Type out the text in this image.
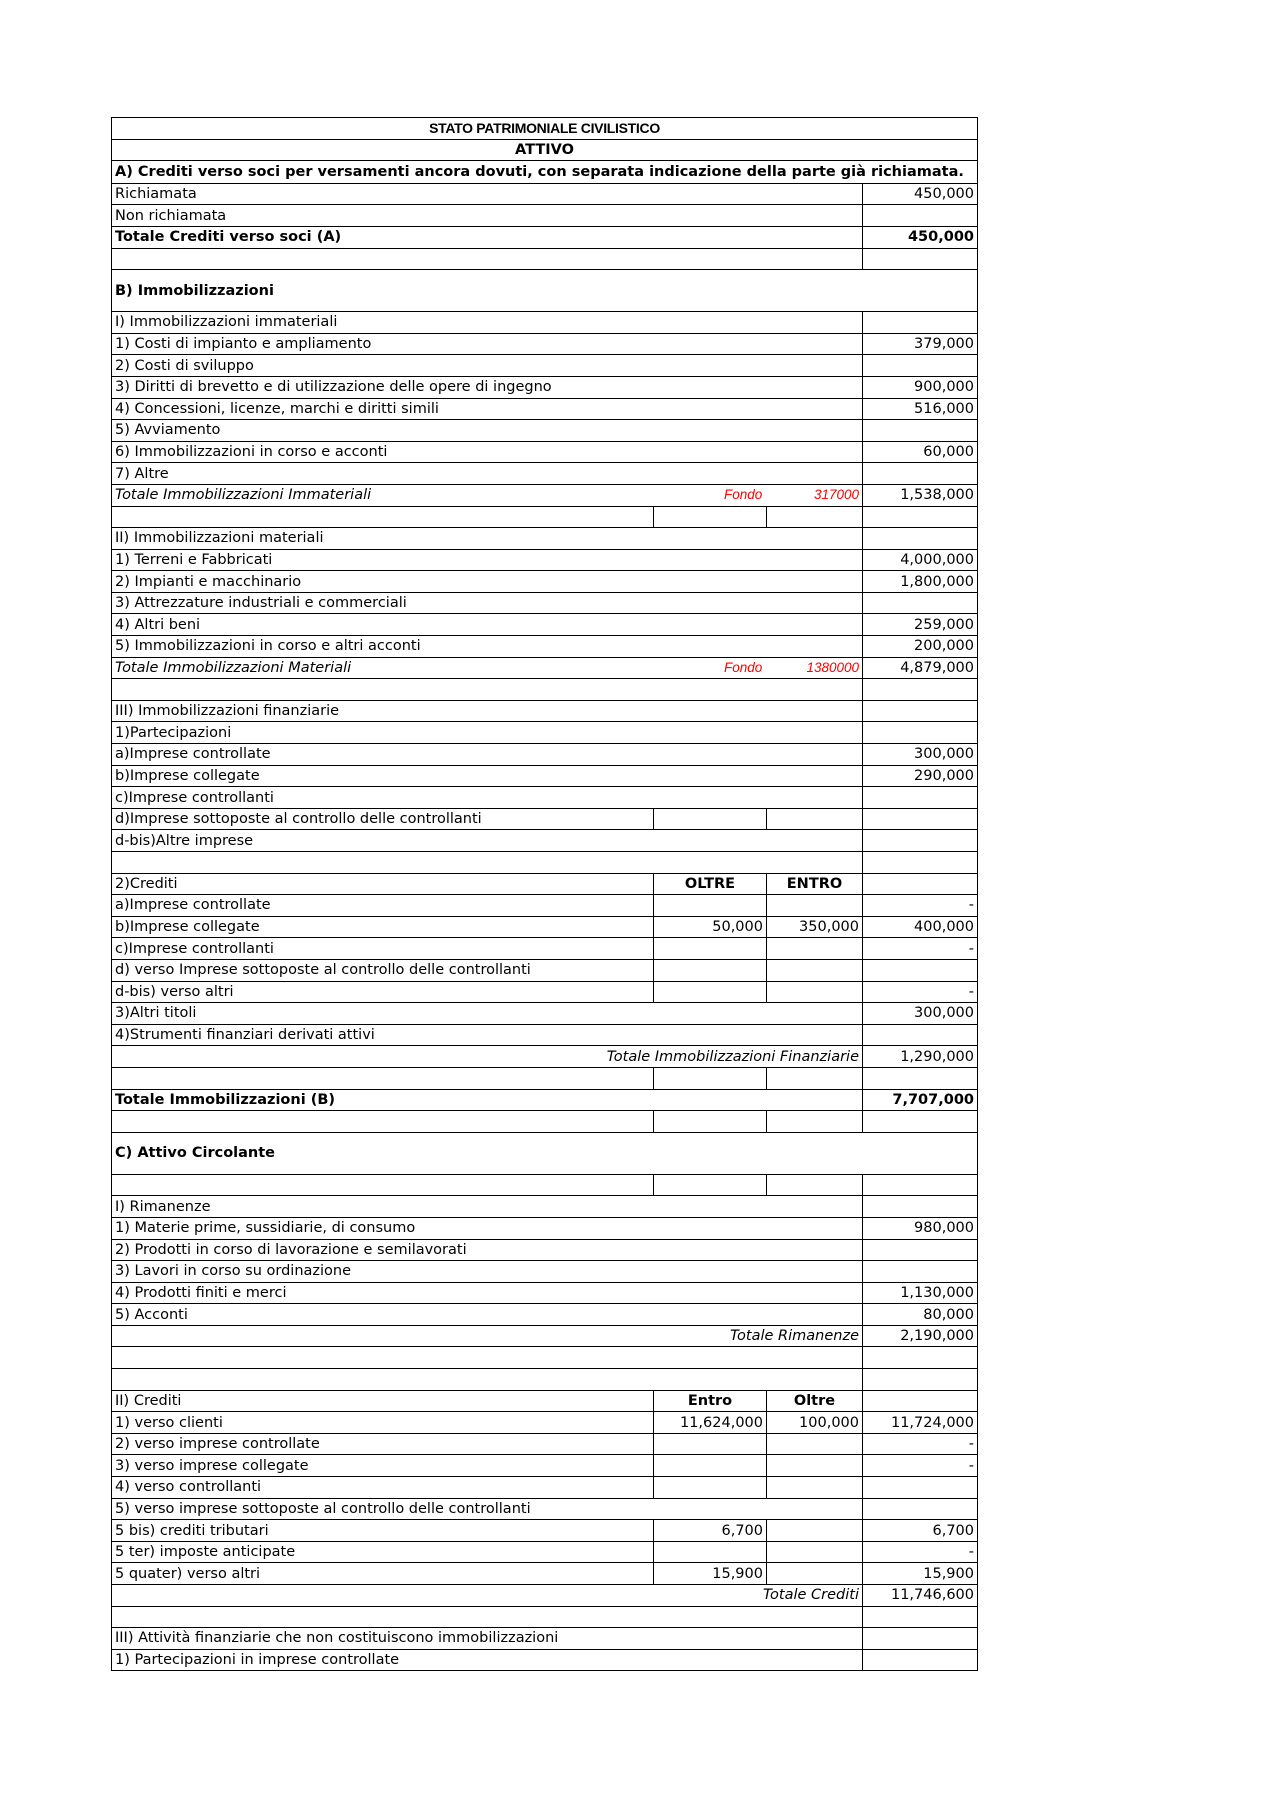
STATO PATRIMONIALE CIVILISTICO			
ATTIVO			
A) Crediti verso soci per versamenti ancora dovuti, con separata indicazione della parte già richiamata.			
Richiamata			450,000
Non richiamata			
Totale Crediti verso soci (A)			450,000

B) Immobilizzazioni			
I) Immobilizzazioni immateriali			
1) Costi di impianto e ampliamento			379,000
2) Costi di sviluppo			
3) Diritti di brevetto e di utilizzazione delle opere di ingegno			900,000
4) Concessioni, licenze, marchi e diritti simili			516,000
5) Avviamento			
6) Immobilizzazioni in corso e acconti			60,000
7) Altre			
Totale Immobilizzazioni Immateriali Fondo 317000			1,538,000

II) Immobilizzazioni materiali			
1) Terreni e Fabbricati			4,000,000
2) Impianti e macchinario			1,800,000
3) Attrezzature industriali e commerciali			
4) Altri beni			259,000
5) Immobilizzazioni in corso e altri acconti			200,000
Totale Immobilizzazioni Materiali Fondo 1380000			4,879,000

III) Immobilizzazioni finanziarie			
1)Partecipazioni			
a)Imprese controllate			300,000
b)Imprese collegate			290,000
c)Imprese controllanti			
d)Imprese sottoposte al controllo delle controllanti			
d-bis)Altre imprese			

2)Crediti	OLTRE	ENTRO	
a)Imprese controllate			-
b)Imprese collegate	50,000	350,000	400,000
c)Imprese controllanti			-
d) verso Imprese sottoposte al controllo delle controllanti			
d-bis) verso altri			-
3)Altri titoli			300,000
4)Strumenti finanziari derivati attivi			
Totale Immobilizzazioni Finanziarie			1,290,000

Totale Immobilizzazioni (B)			7,707,000

C) Attivo Circolante			

I) Rimanenze			
1) Materie prime, sussidiarie, di consumo			980,000
2) Prodotti in corso di lavorazione e semilavorati			
3) Lavori in corso su ordinazione			
4) Prodotti finiti e merci			1,130,000
5) Acconti			80,000
Totale Rimanenze			2,190,000

II) Crediti	Entro	Oltre	
1) verso clienti	11,624,000	100,000	11,724,000
2) verso imprese controllate			-
3) verso imprese collegate			-
4) verso controllanti			
5) verso imprese sottoposte al controllo delle controllanti			
5 bis) crediti tributari	6,700		6,700
5 ter) imposte anticipate			-
5 quater) verso altri	15,900		15,900
Totale Crediti			11,746,600

III) Attività finanziarie che non costituiscono immobilizzazioni			
1) Partecipazioni in imprese controllate			
